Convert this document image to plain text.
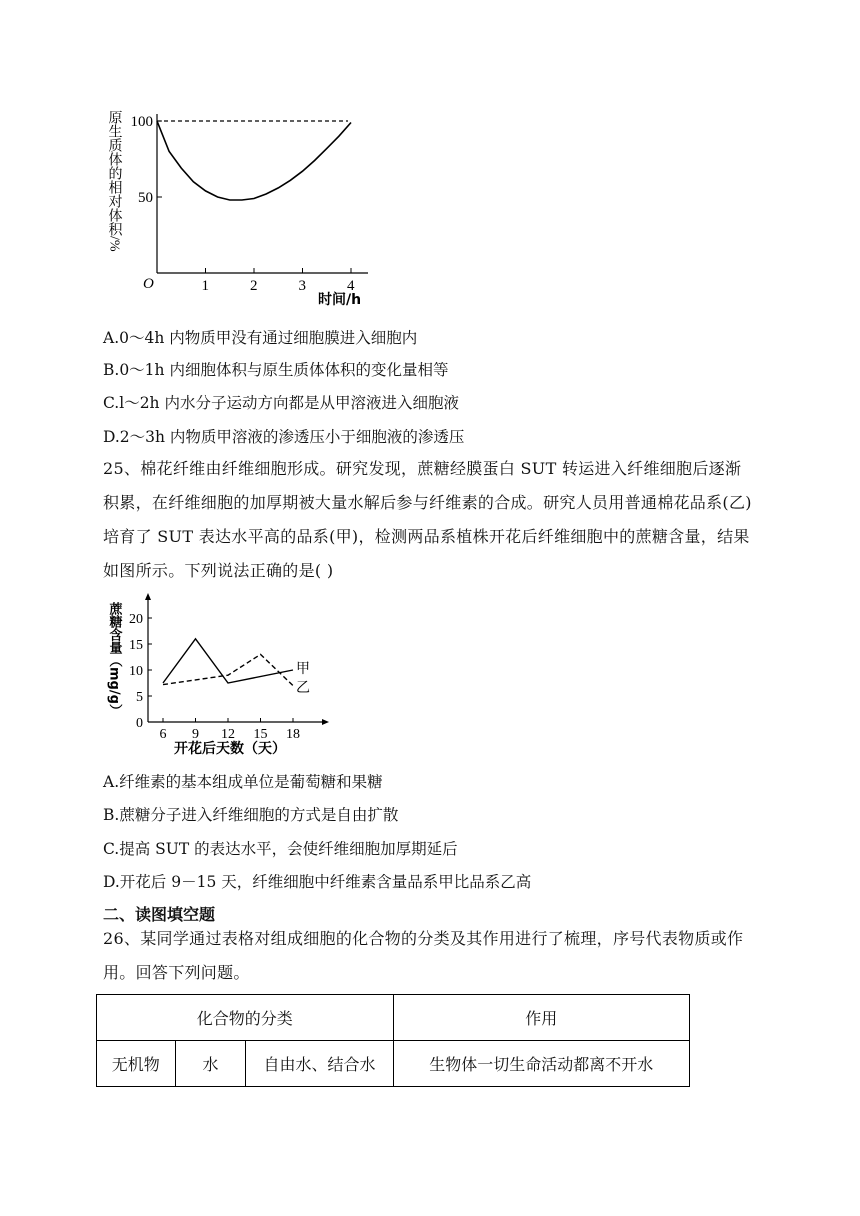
1	2	3	4
50
100
原生质体的相对体积/%
时间/h
O
A.0～4h 内物质甲没有通过细胞膜进入细胞内
B.0～1h 内细胞体积与原生质体体积的变化量相等
C.l～2h 内水分子运动方向都是从甲溶液进入细胞液
D.2～3h 内物质甲溶液的渗透压小于细胞液的渗透压
25、棉花纤维由纤维细胞形成。研究发现，蔗糖经膜蛋白 SUT 转运进入纤维细胞后逐渐积累，在纤维细胞的加厚期被大量水解后参与纤维素的合成。研究人员用普通棉花品系(乙)培育了 SUT 表达水平高的品系(甲)，检测两品系植株开花后纤维细胞中的蔗糖含量，结果如图所示。下列说法正确的是( )
6 9 12 15 18
0
5
10
15
20
甲
乙
蔗糖含量（mg/g）
开花后天数（天）
A.纤维素的基本组成单位是葡萄糖和果糖
B.蔗糖分子进入纤维细胞的方式是自由扩散
C.提高 SUT 的表达水平，会使纤维细胞加厚期延后
D.开花后 9－15 天，纤维细胞中纤维素含量品系甲比品系乙高
二、读图填空题
26、某同学通过表格对组成细胞的化合物的分类及其作用进行了梳理，序号代表物质或作用。回答下列问题。
化合物的分类			作用
无机物	水	自由水、结合水	生物体一切生命活动都离不开水
